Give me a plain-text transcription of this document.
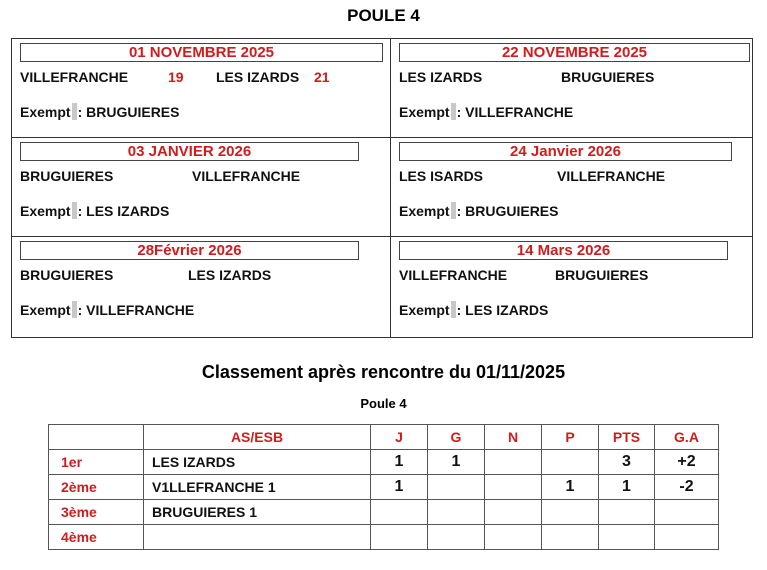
POULE 4
01 NOVEMBRE 2025
VILLEFRANCHE	19 LES IZARDS 21
Exempt : BRUGUIERES
22 NOVEMBRE 2025
LES IZARDS	BRUGUIERES
Exempt : VILLEFRANCHE
03 JANVIER 2026
BRUGUIERES	VILLEFRANCHE
Exempt : LES IZARDS
24 Janvier 2026
LES ISARDS	VILLEFRANCHE
Exempt : BRUGUIERES
28Février 2026
BRUGUIERES	LES IZARDS
Exempt : VILLEFRANCHE
14 Mars 2026
VILLEFRANCHE	BRUGUIERES
Exempt : LES IZARDS
Classement après rencontre du 01/11/2025
Poule 4
	AS/ESB	J	G	N	P	PTS	G.A
1er	LES IZARDS	1	1			3	+2
2ème	V1LLEFRANCHE 1	1			1	1	-2
3ème	BRUGUIERES 1						
4ème							
